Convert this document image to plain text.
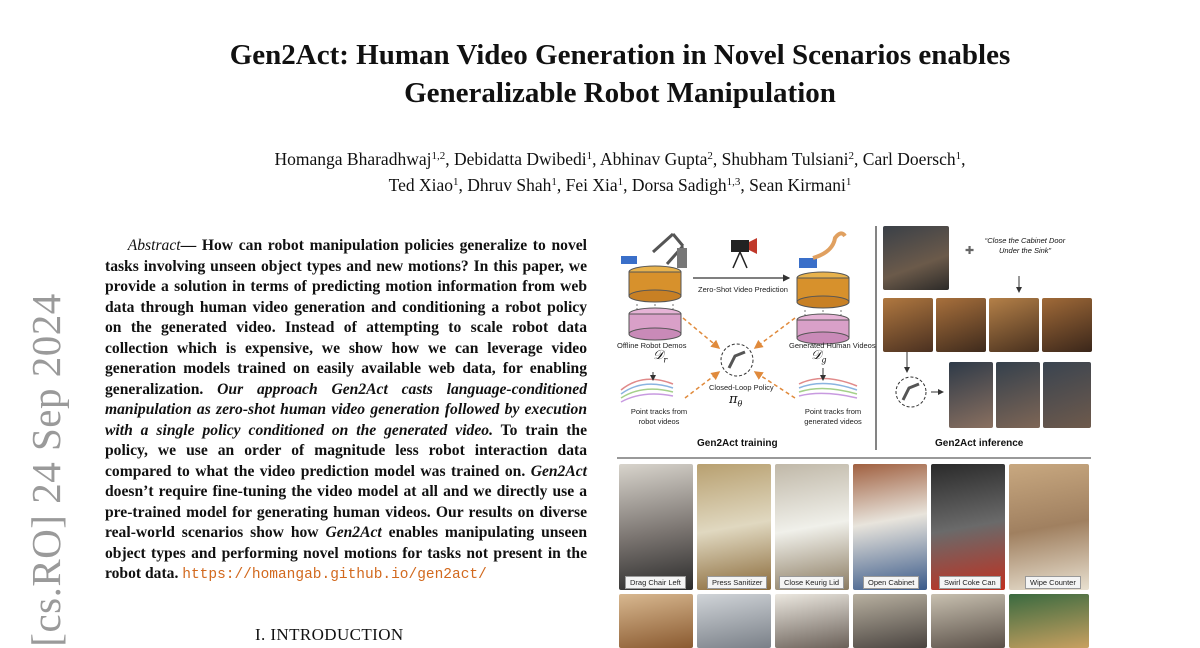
[cs.RO] 24 Sep 2024
Gen2Act: Human Video Generation in Novel Scenarios enables
Generalizable Robot Manipulation
Homanga Bharadhwaj$^{1,2}$, Debidatta Dwibedi$^1$, Abhinav Gupta$^2$, Shubham Tulsiani$^2$, Carl Doersch$^1$,
Ted Xiao$^1$, Dhruv Shah$^1$, Fei Xia$^1$, Dorsa Sadigh$^{1,3}$, Sean Kirmani$^1$
Abstract— How can robot manipulation policies generalize to novel tasks involving unseen object types and new motions? In this paper, we provide a solution in terms of predicting motion information from web data through human video generation and conditioning a robot policy on the generated video. Instead of attempting to scale robot data collection which is expensive, we show how we can leverage video generation models trained on easily available web data, for enabling generalization. Our approach Gen2Act casts language-conditioned manipulation as zero-shot human video generation followed by execution with a single policy conditioned on the generated video. To train the policy, we use an order of magnitude less robot interaction data compared to what the video prediction model was trained on. Gen2Act doesn’t require fine-tuning the video model at all and we directly use a pre-trained model for generating human videos. Our results on diverse real-world scenarios show how Gen2Act enables manipulating unseen object types and performing novel motions for tasks not present in the robot data. https://homangab.github.io/gen2act/
I. INTRODUCTION
✚
Zero-Shot Video Prediction
Offline Robot Demos
𝒟$_r$
Generated Human Videos
𝒟$_g$
Closed-Loop Policy
$\pi_\theta$
Point tracks from robot videos
Point tracks from generated videos
Gen2Act training
“Close the Cabinet Door Under the Sink”
Gen2Act inference
Drag Chair Left	Press Sanitizer	Close Keurig Lid	Open Cabinet	Swirl Coke Can	Wipe Counter
